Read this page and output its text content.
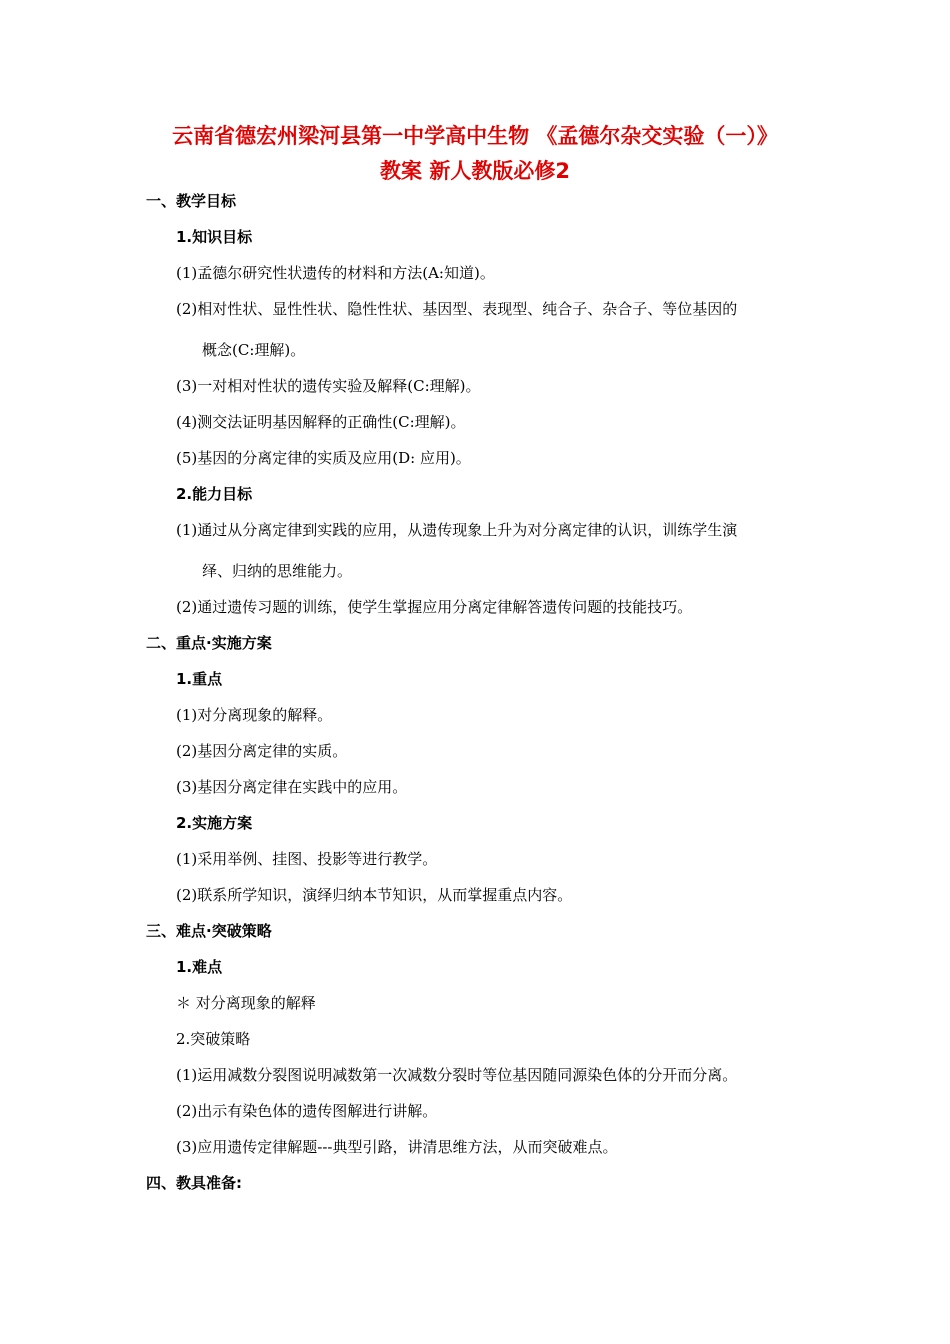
云南省德宏州梁河县第一中学高中生物 《孟德尔杂交实验（一）》
教案 新人教版必修2
一、教学目标
1.知识目标
(1)孟德尔研究性状遗传的材料和方法(A:知道)。
(2)相对性状、显性性状、隐性性状、基因型、表现型、纯合子、杂合子、等位基因的
概念(C:理解)。
(3)一对相对性状的遗传实验及解释(C:理解)。
(4)测交法证明基因解释的正确性(C:理解)。
(5)基因的分离定律的实质及应用(D: 应用)。
2.能力目标
(1)通过从分离定律到实践的应用，从遗传现象上升为对分离定律的认识，训练学生演
绎、归纳的思维能力。
(2)通过遗传习题的训练，使学生掌握应用分离定律解答遗传问题的技能技巧。
二、重点·实施方案
1.重点
(1)对分离现象的解释。
(2)基因分离定律的实质。
(3)基因分离定律在实践中的应用。
2.实施方案
(1)采用举例、挂图、投影等进行教学。
(2)联系所学知识，演绎归纳本节知识，从而掌握重点内容。
三、难点·突破策略
1.难点
＊ 对分离现象的解释
2.突破策略
(1)运用减数分裂图说明减数第一次减数分裂时等位基因随同源染色体的分开而分离。
(2)出示有染色体的遗传图解进行讲解。
(3)应用遗传定律解题---典型引路，讲清思维方法，从而突破难点。
四、教具准备:
